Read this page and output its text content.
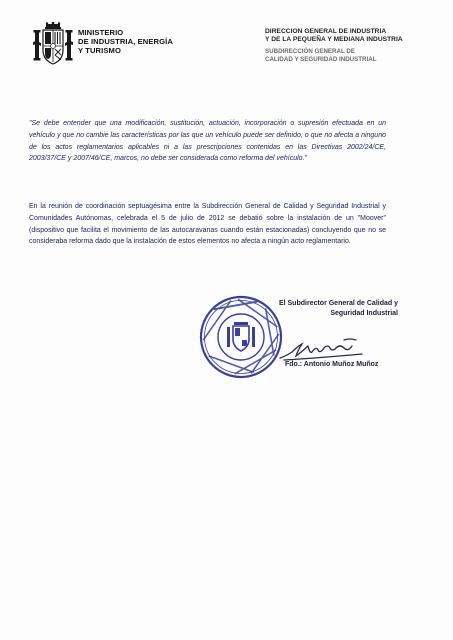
MINISTERIO
DE INDUSTRIA, ENERGÍA
Y TURISMO
DIRECCION GENERAL DE INDUSTRIA
Y DE LA PEQUEÑA Y MEDIANA INDUSTRIA
SUBDIRECCIÓN GENERAL DE
CALIDAD Y SEGURIDAD INDUSTRIAL

"Se debe entender que una modificación, sustitución, actuación, incorporación o supresión efectuada en un vehículo y que no cambie las características por las que un vehículo puede ser definido, o que no afecta a ninguno de los actos reglamentarios aplicables ni a las prescripciones contenidas en las Directivas 2002/24/CE, 2003/37/CE y 2007/46/CE, marcos, no debe ser considerada como reforma del vehículo."

En la reunión de coordinación septuagésima entre la Subdirección General de Calidad y Seguridad Industrial y Comunidades Autónomas, celebrada el 5 de julio de 2012 se debatió sobre la instalación de un "Moover" (dispositivo que facilita el movimiento de las autocaravanas cuando están estacionadas) concluyendo que no se consideraba reforma dado que la instalación de estos elementos no afecta a ningún acto reglamentario.

El Subdirector General de Calidad y
Seguridad Industrial
Fdo.: Antonio Muñoz Muñoz
